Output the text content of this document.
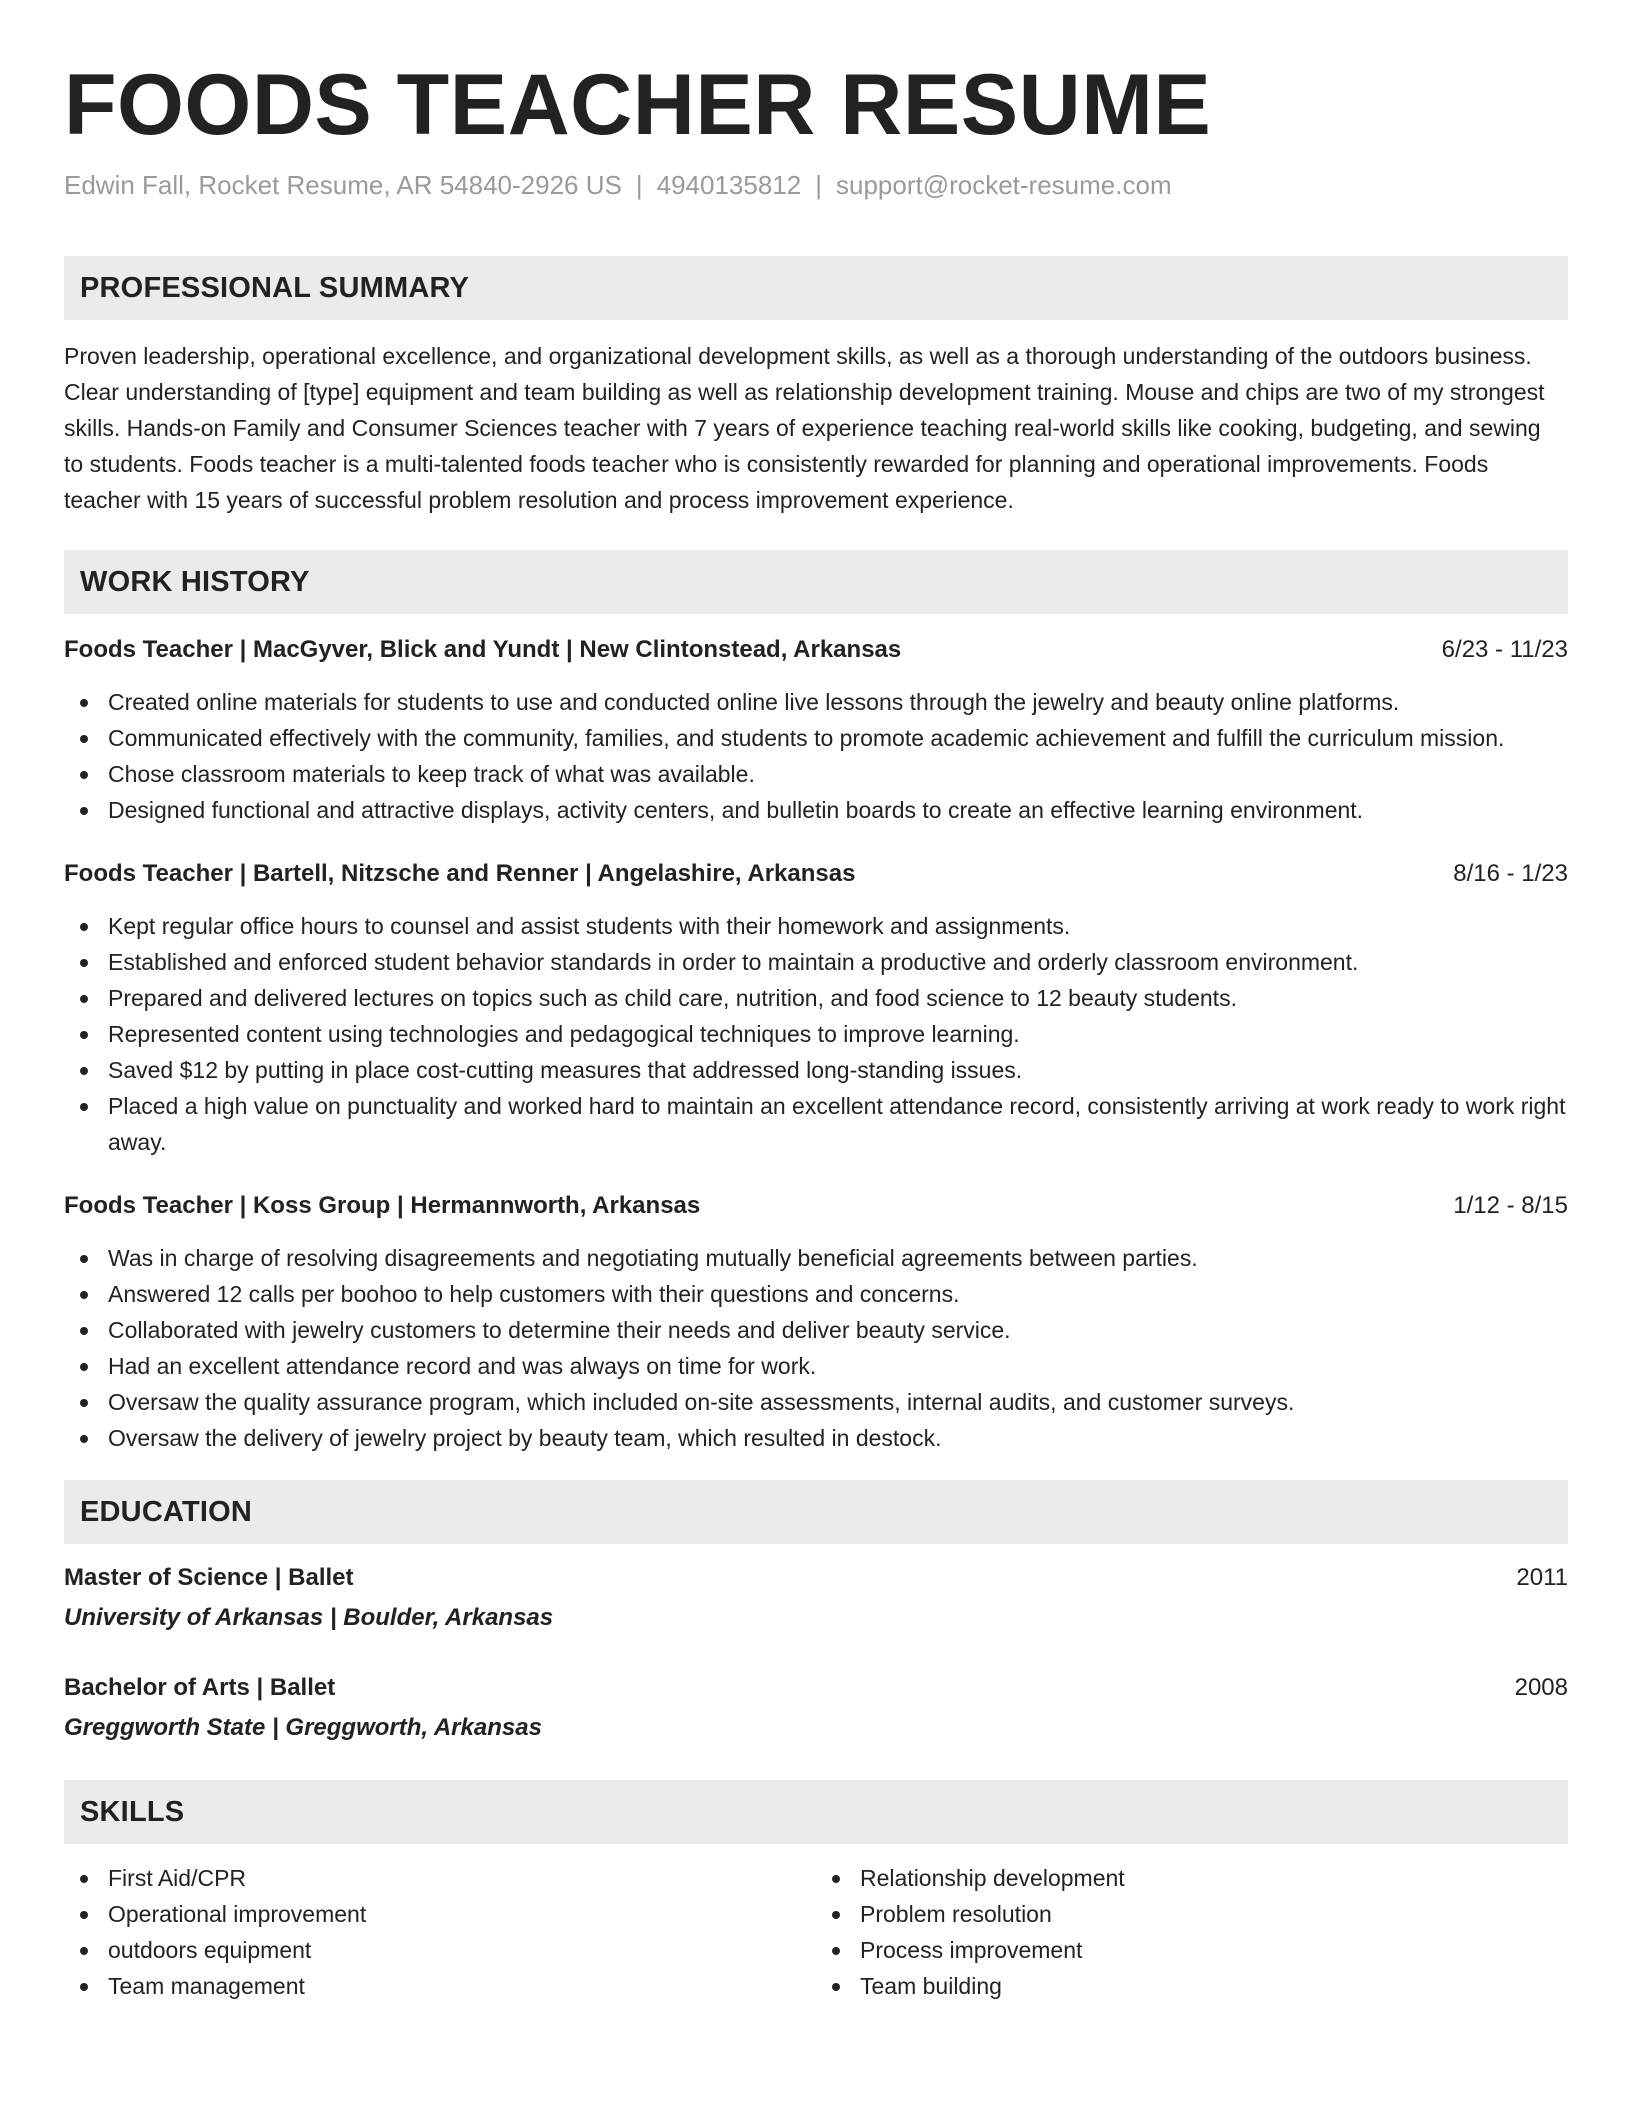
FOODS TEACHER RESUME
Edwin Fall, Rocket Resume, AR 54840-2926 US | 4940135812 | support@rocket-resume.com
PROFESSIONAL SUMMARY

Proven leadership, operational excellence, and organizational development skills, as well as a thorough understanding of the outdoors business. Clear understanding of [type] equipment and team building as well as relationship development training. Mouse and chips are two of my strongest skills. Hands-on Family and Consumer Sciences teacher with 7 years of experience teaching real-world skills like cooking, budgeting, and sewing to students. Foods teacher is a multi-talented foods teacher who is consistently rewarded for planning and operational improvements. Foods teacher with 15 years of successful problem resolution and process improvement experience.

WORK HISTORY
Foods Teacher | MacGyver, Blick and Yundt | New Clintonstead, Arkansas	6/23 - 11/23
Created online materials for students to use and conducted online live lessons through the jewelry and beauty online platforms.
Communicated effectively with the community, families, and students to promote academic achievement and fulfill the curriculum mission.
Chose classroom materials to keep track of what was available.
Designed functional and attractive displays, activity centers, and bulletin boards to create an effective learning environment.
Foods Teacher | Bartell, Nitzsche and Renner | Angelashire, Arkansas	8/16 - 1/23
Kept regular office hours to counsel and assist students with their homework and assignments.
Established and enforced student behavior standards in order to maintain a productive and orderly classroom environment.
Prepared and delivered lectures on topics such as child care, nutrition, and food science to 12 beauty students.
Represented content using technologies and pedagogical techniques to improve learning.
Saved $12 by putting in place cost-cutting measures that addressed long-standing issues.
Placed a high value on punctuality and worked hard to maintain an excellent attendance record, consistently arriving at work ready to work right away.
Foods Teacher | Koss Group | Hermannworth, Arkansas	1/12 - 8/15
Was in charge of resolving disagreements and negotiating mutually beneficial agreements between parties.
Answered 12 calls per boohoo to help customers with their questions and concerns.
Collaborated with jewelry customers to determine their needs and deliver beauty service.
Had an excellent attendance record and was always on time for work.
Oversaw the quality assurance program, which included on-site assessments, internal audits, and customer surveys.
Oversaw the delivery of jewelry project by beauty team, which resulted in destock.
EDUCATION
Master of Science | Ballet	2011
University of Arkansas | Boulder, Arkansas
Bachelor of Arts | Ballet	2008
Greggworth State | Greggworth, Arkansas
SKILLS
First Aid/CPR
Operational improvement
outdoors equipment
Team management
Relationship development
Problem resolution
Process improvement
Team building
